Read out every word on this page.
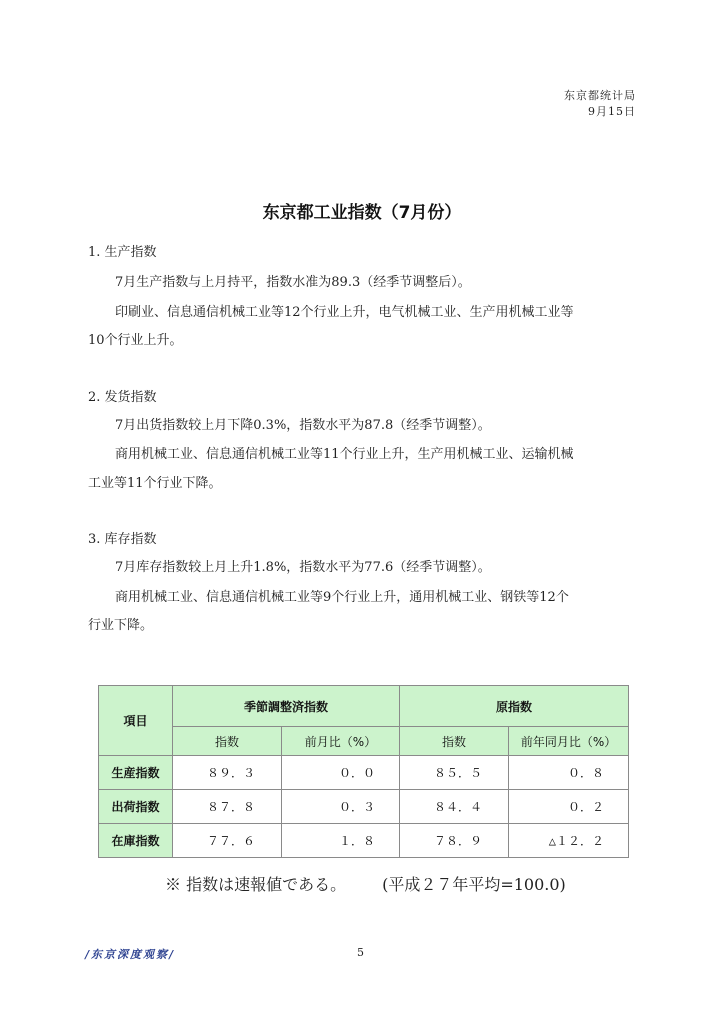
东京都统计局
9月15日
东京都工业指数（7月份）
1. 生产指数
7月生产指数与上月持平，指数水准为89.3（经季节调整后）。
印刷业、信息通信机械工业等12个行业上升，电气机械工业、生产用机械工业等
10个行业上升。
2. 发货指数
7月出货指数较上月下降0.3%，指数水平为87.8（经季节调整）。
商用机械工业、信息通信机械工业等11个行业上升，生产用机械工业、运输机械
工业等11个行业下降。
3. 库存指数
7月库存指数较上月上升1.8%，指数水平为77.6（经季节调整）。
商用机械工业、信息通信机械工业等9个行业上升，通用机械工业、钢铁等12个
行业下降。
項目	季節調整済指数		原指数	
	指数	前月比（%）	指数	前年同月比（%）
生産指数	８９．３	０．０	８５．５	０．８
出荷指数	８７．８	０．３	８４．４	０．２
在庫指数	７７．６	１．８	７８．９	△１２．２
※ 指数は速報値である。 (平成２７年平均=100.0)
/东京深度观察/	5
